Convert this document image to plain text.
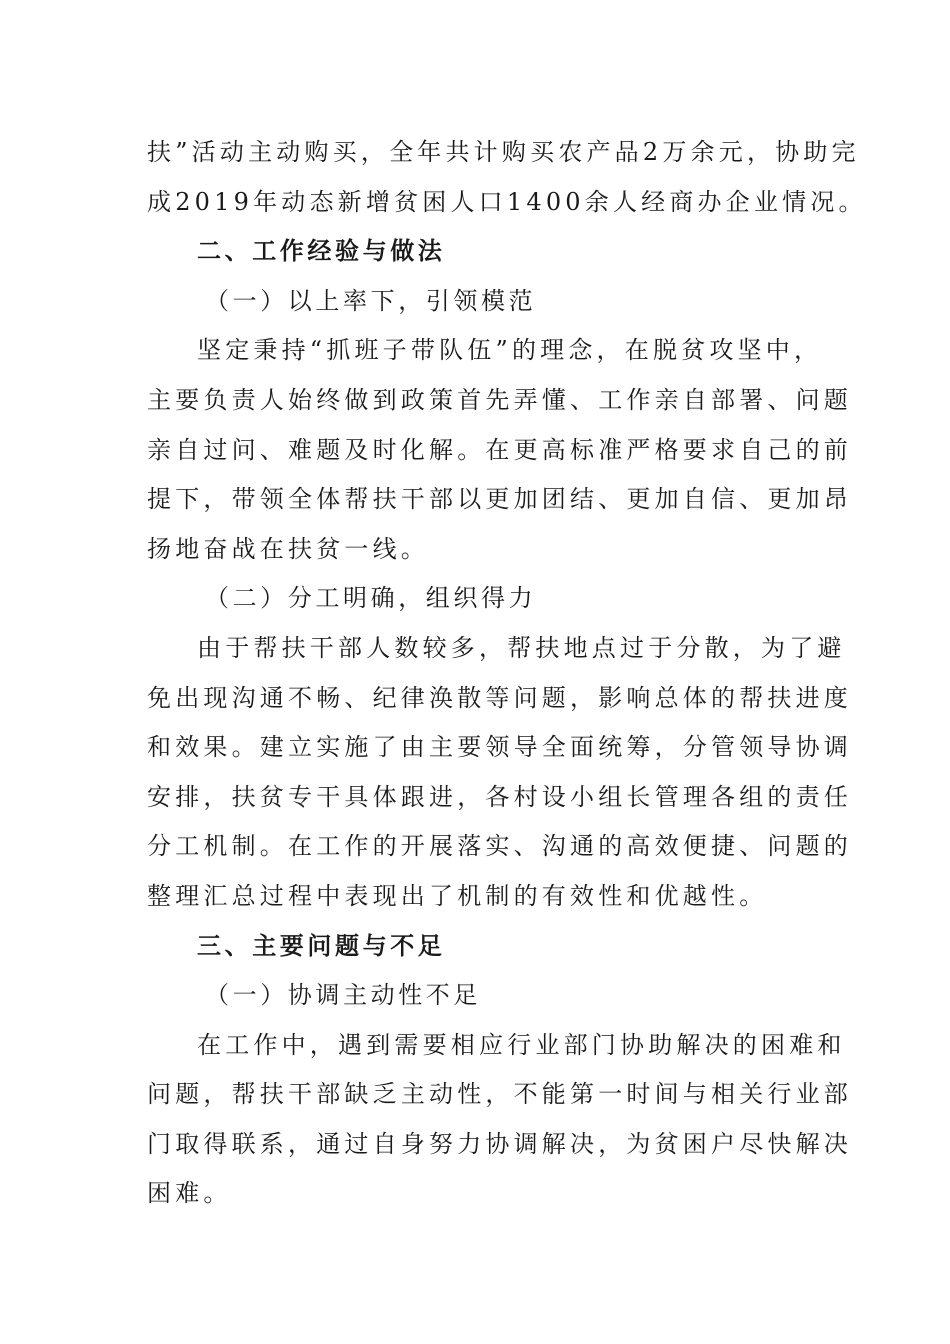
扶”活动主动购买，全年共计购买农产品2万余元，协助完
成2019年动态新增贫困人口1400余人经商办企业情况。
二、工作经验与做法
（一）以上率下，引领模范
坚定秉持“抓班子带队伍”的理念，在脱贫攻坚中，
主要负责人始终做到政策首先弄懂、工作亲自部署、问题
亲自过问、难题及时化解。在更高标准严格要求自己的前
提下，带领全体帮扶干部以更加团结、更加自信、更加昂
扬地奋战在扶贫一线。
（二）分工明确，组织得力
由于帮扶干部人数较多，帮扶地点过于分散，为了避
免出现沟通不畅、纪律涣散等问题，影响总体的帮扶进度
和效果。建立实施了由主要领导全面统筹，分管领导协调
安排，扶贫专干具体跟进，各村设小组长管理各组的责任
分工机制。在工作的开展落实、沟通的高效便捷、问题的
整理汇总过程中表现出了机制的有效性和优越性。
三、主要问题与不足
（一）协调主动性不足
在工作中，遇到需要相应行业部门协助解决的困难和
问题，帮扶干部缺乏主动性，不能第一时间与相关行业部
门取得联系，通过自身努力协调解决，为贫困户尽快解决
困难。
